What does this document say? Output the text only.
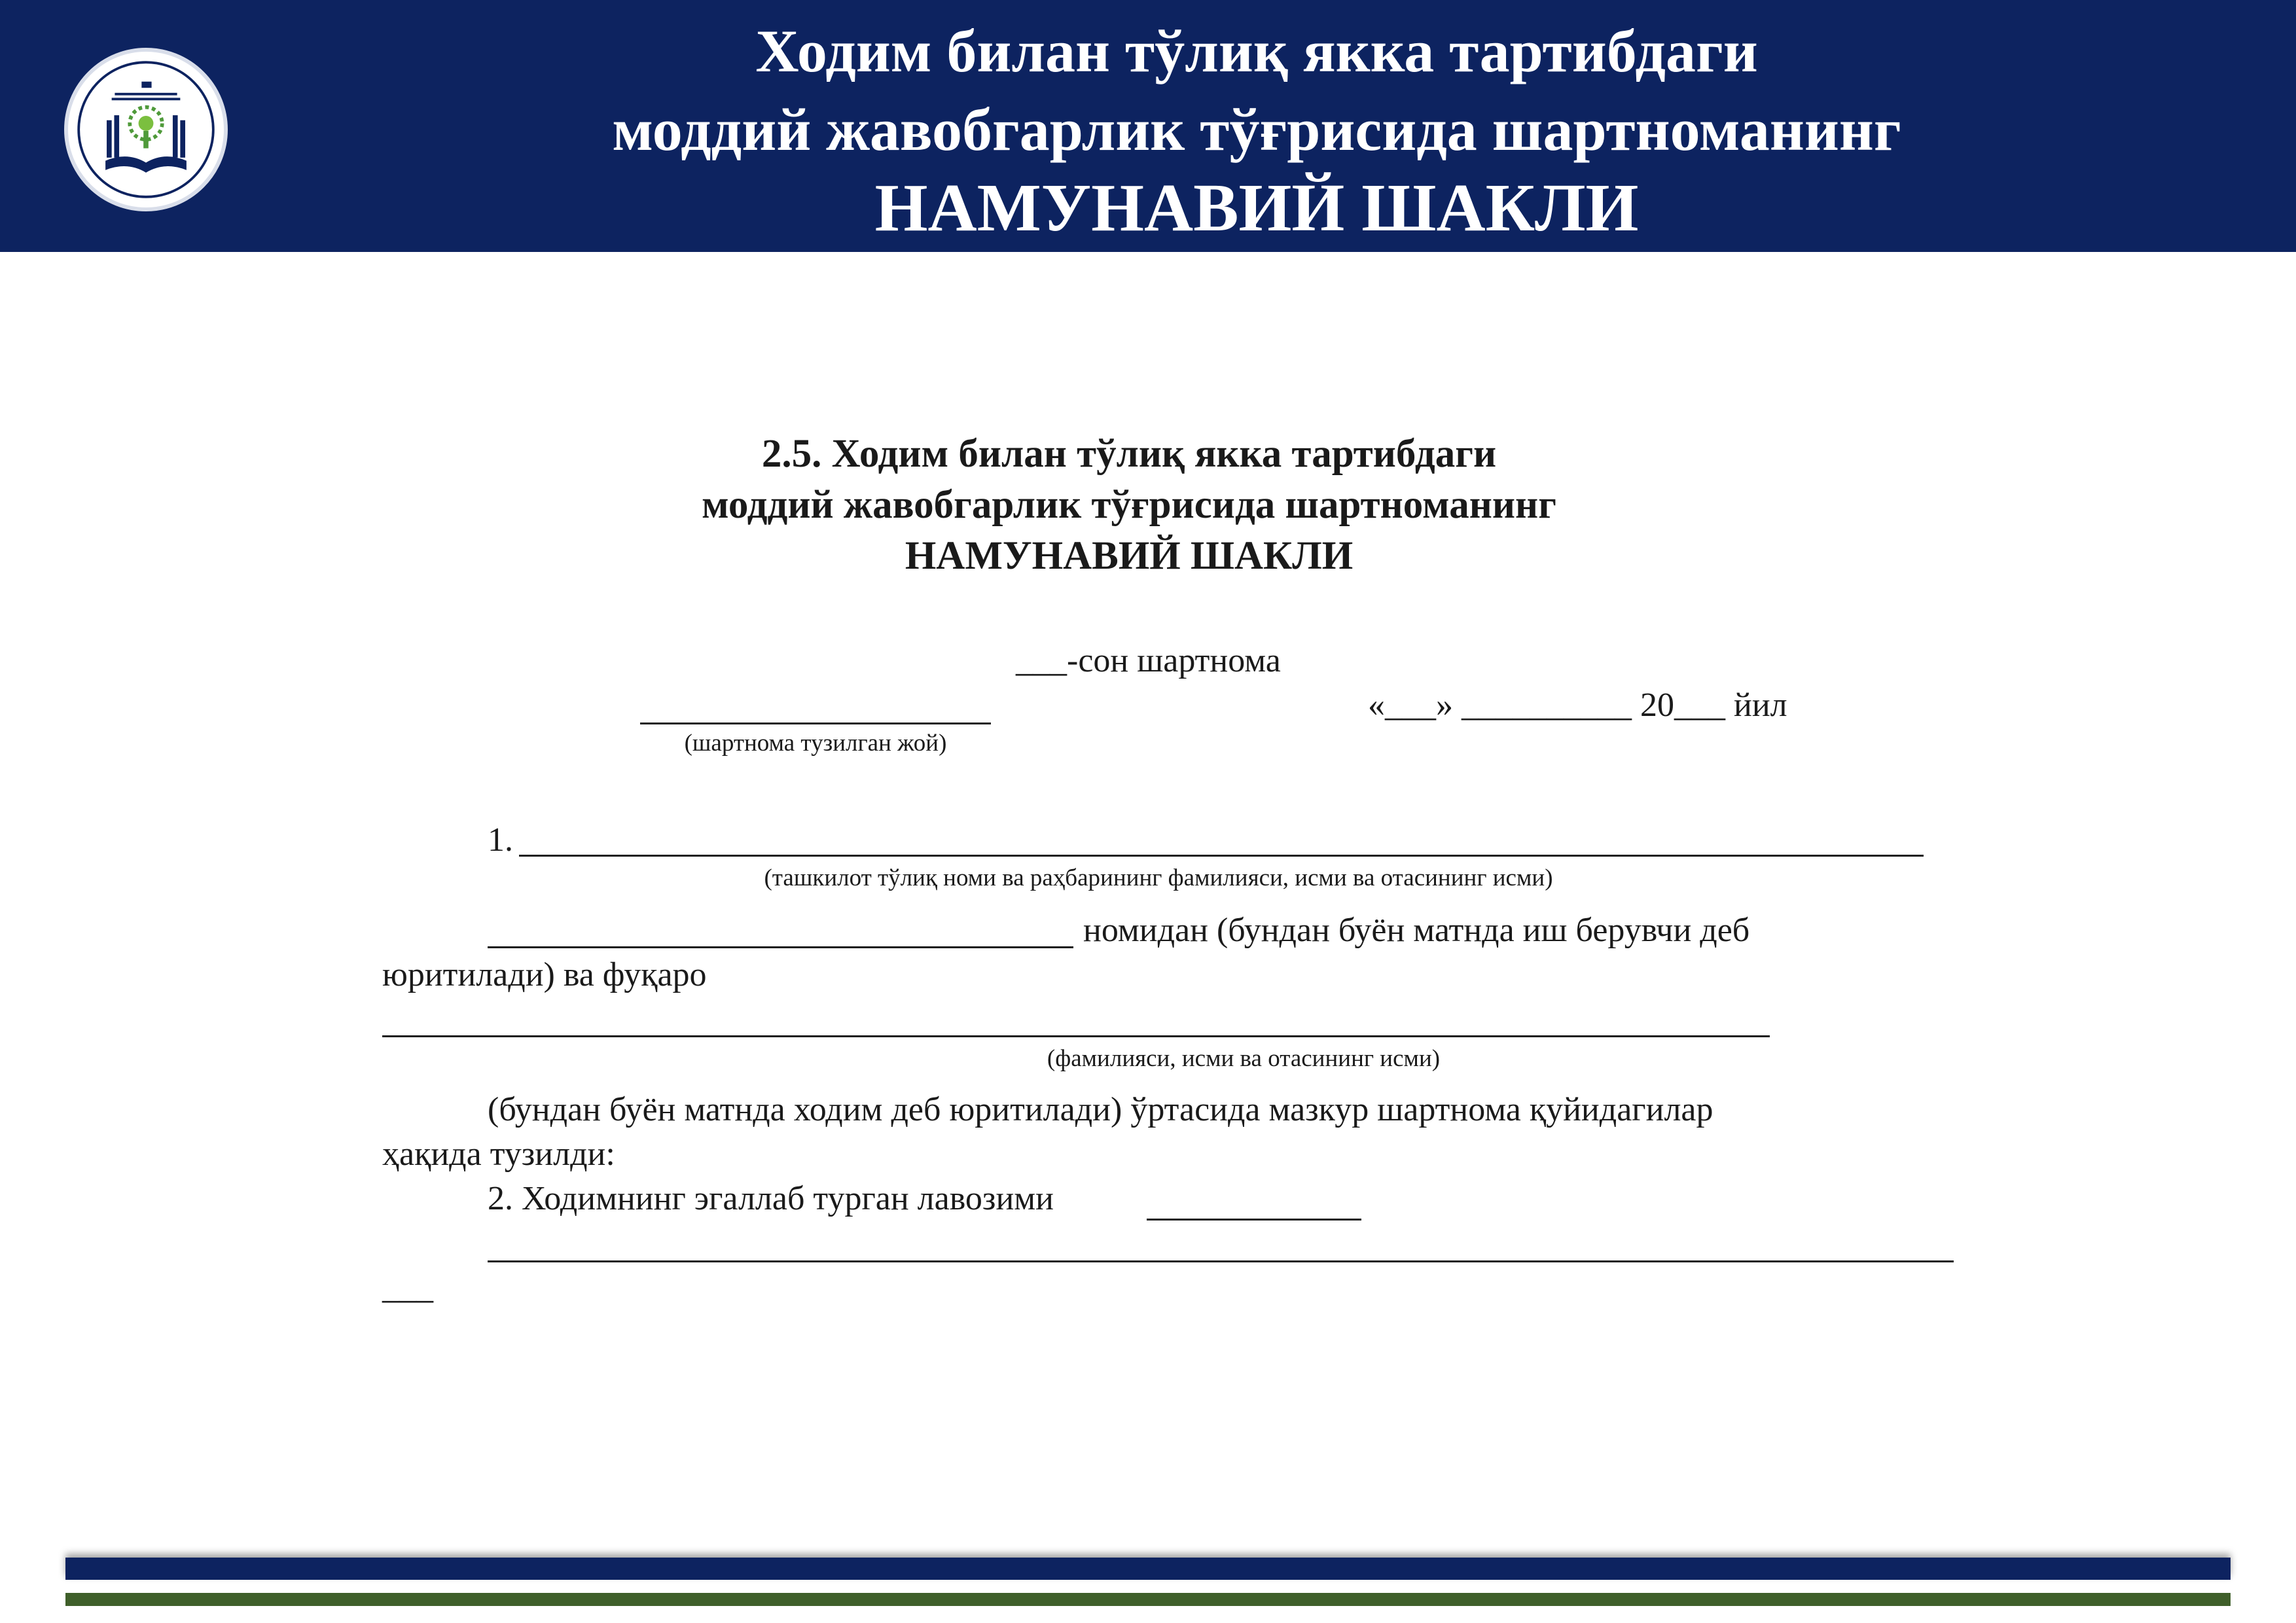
Ходим билан тўлиқ якка тартибдаги
моддий жавобгарлик тўғрисида шартноманинг
НАМУНАВИЙ ШАКЛИ
2.5. Ходим билан тўлиқ якка тартибдаги
моддий жавобгарлик тўғрисида шартноманинг
НАМУНАВИЙ ШАКЛИ
___-сон шартнома
(шартнома тузилган жой)
«___» __________ 20___ йил
1.
(ташкилот тўлиқ номи ва раҳбарининг фамилияси, исми ва отасининг исми)
номидан (бундан буён матнда иш берувчи деб
юритилади) ва фуқаро
(фамилияси, исми ва отасининг исми)
(бундан буён матнда ходим деб юритилади) ўртасида мазкур шартнома қуйидагилар
ҳақида тузилди:
2. Ходимнинг эгаллаб турган лавозими
___
